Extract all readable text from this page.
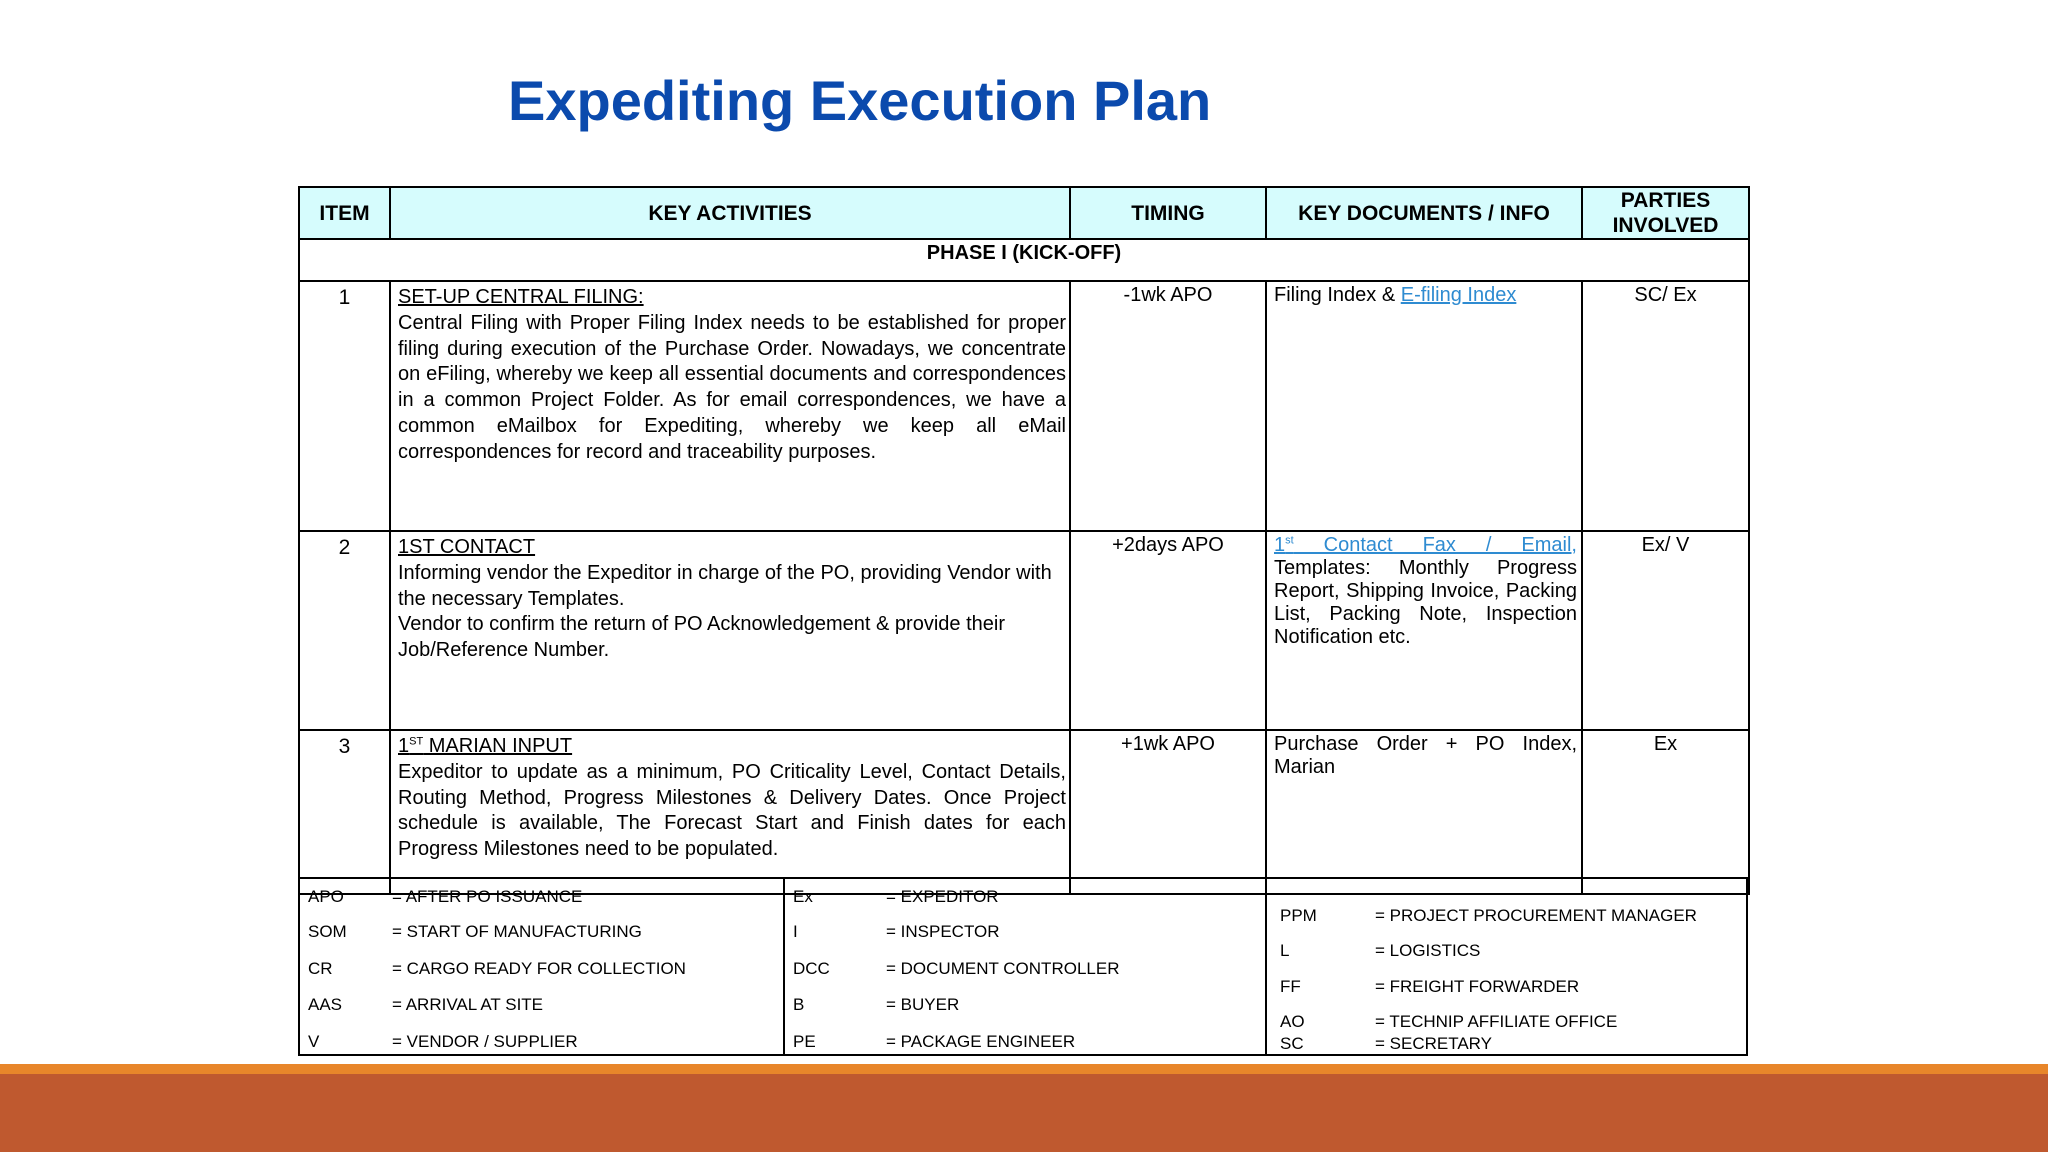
Expediting Execution Plan
ITEM	KEY ACTIVITIES	TIMING	KEY DOCUMENTS / INFO	PARTIES
INVOLVED
PHASE I (KICK-OFF)				
1	SET-UP CENTRAL FILING:
Central Filing with Proper Filing Index needs to be established for proper filing during execution of the Purchase Order. Nowadays, we concentrate on eFiling, whereby we keep all essential documents and correspondences in a common Project Folder. As for email correspondences, we have a common eMailbox for Expediting, whereby we keep all eMail correspondences for record and traceability purposes.	-1wk APO	Filing Index & E-filing Index	SC/ Ex
2	1ST CONTACT
Informing vendor the Expeditor in charge of the PO, providing Vendor with the necessary Templates.
Vendor to confirm the return of PO Acknowledgement & provide their Job/Reference Number.	+2days APO	1st Contact Fax / Email, Templates: Monthly Progress Report, Shipping Invoice, Packing List, Packing Note, Inspection Notification etc.	Ex/ V
3	1ST MARIAN INPUT
Expeditor to update as a minimum, PO Criticality Level, Contact Details, Routing Method, Progress Milestones & Delivery Dates. Once Project schedule is available, The Forecast Start and Finish dates for each Progress Milestones need to be populated.	+1wk APO	Purchase Order + PO Index, Marian	Ex
APO	= AFTER PO ISSUANCE
SOM	= START OF MANUFACTURING
CR	= CARGO READY FOR COLLECTION
AAS	= ARRIVAL AT SITE
V	= VENDOR / SUPPLIER
Ex	= EXPEDITOR
I	= INSPECTOR
DCC	= DOCUMENT CONTROLLER
B	= BUYER
PE	= PACKAGE ENGINEER
PPM	= PROJECT PROCUREMENT MANAGER
L	= LOGISTICS
FF	= FREIGHT FORWARDER
AO	= TECHNIP AFFILIATE OFFICE
SC	= SECRETARY
